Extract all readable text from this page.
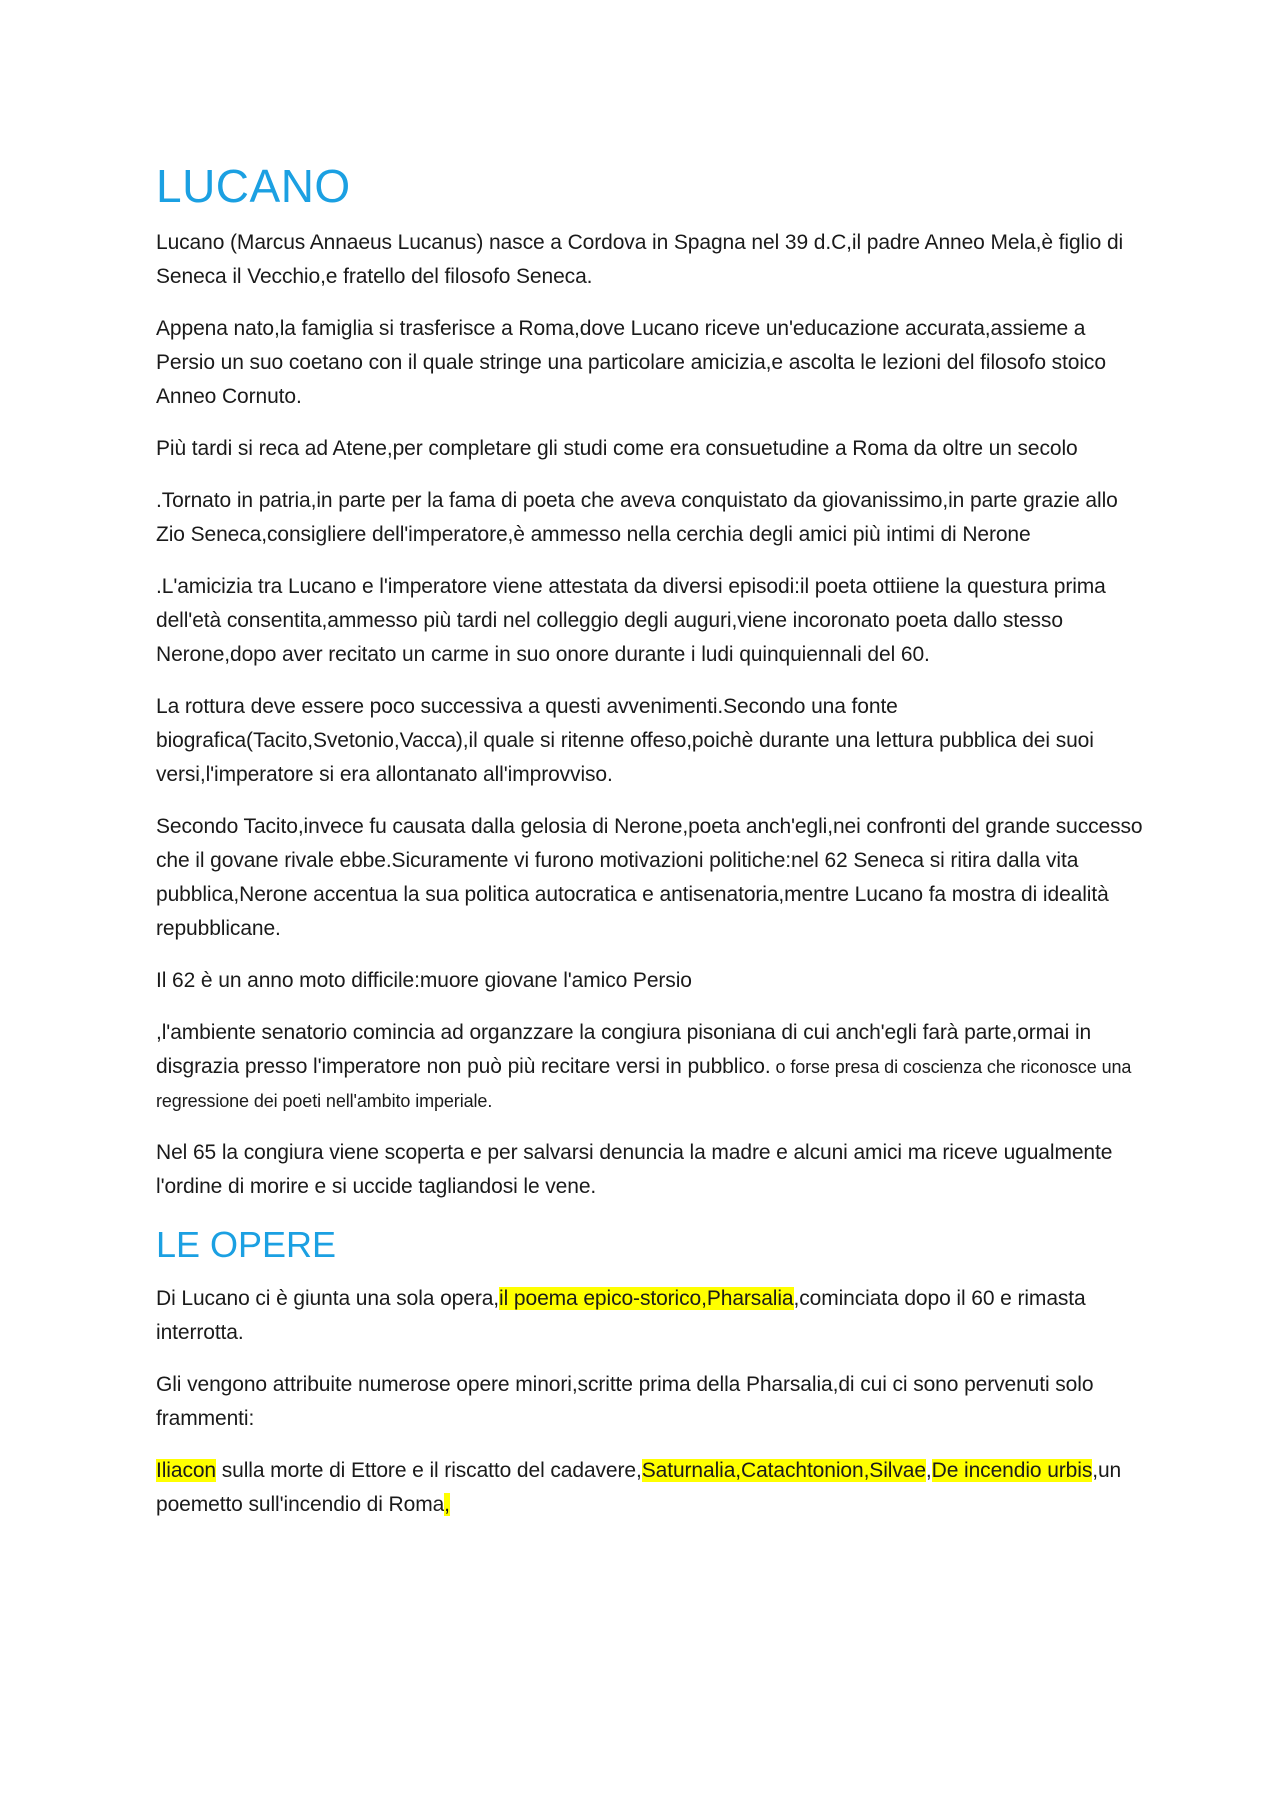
LUCANO

Lucano (Marcus Annaeus Lucanus) nasce a Cordova in Spagna nel 39 d.C,il padre Anneo Mela,è figlio di Seneca il Vecchio,e fratello del filosofo Seneca.

Appena nato,la famiglia si trasferisce a Roma,dove Lucano riceve un'educazione accurata,assieme a Persio un suo coetano con il quale stringe una particolare amicizia,e ascolta le lezioni del filosofo stoico Anneo Cornuto.

Più tardi si reca ad Atene,per completare gli studi come era consuetudine a Roma da oltre un secolo

.Tornato in patria,in parte per la fama di poeta che aveva conquistato da giovanissimo,in parte grazie allo Zio Seneca,consigliere dell'imperatore,è ammesso nella cerchia degli amici più intimi di Nerone

.L'amicizia tra Lucano e l'imperatore viene attestata da diversi episodi:il poeta ottiiene la questura prima dell'età consentita,ammesso più tardi nel colleggio degli auguri,viene incoronato poeta dallo stesso Nerone,dopo aver recitato un carme in suo onore durante i ludi quinquiennali del 60.

La rottura deve essere poco successiva a questi avvenimenti.Secondo una fonte biografica(Tacito,Svetonio,Vacca),il quale si ritenne offeso,poichè durante una lettura pubblica dei suoi versi,l'imperatore si era allontanato all'improvviso.

Secondo Tacito,invece fu causata dalla gelosia di Nerone,poeta anch'egli,nei confronti del grande successo che il govane rivale ebbe.Sicuramente vi furono motivazioni politiche:nel 62 Seneca si ritira dalla vita pubblica,Nerone accentua la sua politica autocratica e antisenatoria,mentre Lucano fa mostra di idealità repubblicane.

Il 62 è un anno moto difficile:muore giovane l'amico Persio

,l'ambiente senatorio comincia ad organzzare la congiura pisoniana di cui anch'egli farà parte,ormai in disgrazia presso l'imperatore non può più recitare versi in pubblico. o forse presa di coscienza che riconosce una regressione dei poeti nell'ambito imperiale.

Nel 65 la congiura viene scoperta e per salvarsi denuncia la madre e alcuni amici ma riceve ugualmente l'ordine di morire e si uccide tagliandosi le vene.

LE OPERE

Di Lucano ci è giunta una sola opera,il poema epico-storico,Pharsalia,cominciata dopo il 60 e rimasta interrotta.

Gli vengono attribuite numerose opere minori,scritte prima della Pharsalia,di cui ci sono pervenuti solo frammenti:

Iliacon sulla morte di Ettore e il riscatto del cadavere,Saturnalia,Catachtonion,Silvae,De incendio urbis,un poemetto sull'incendio di Roma,
